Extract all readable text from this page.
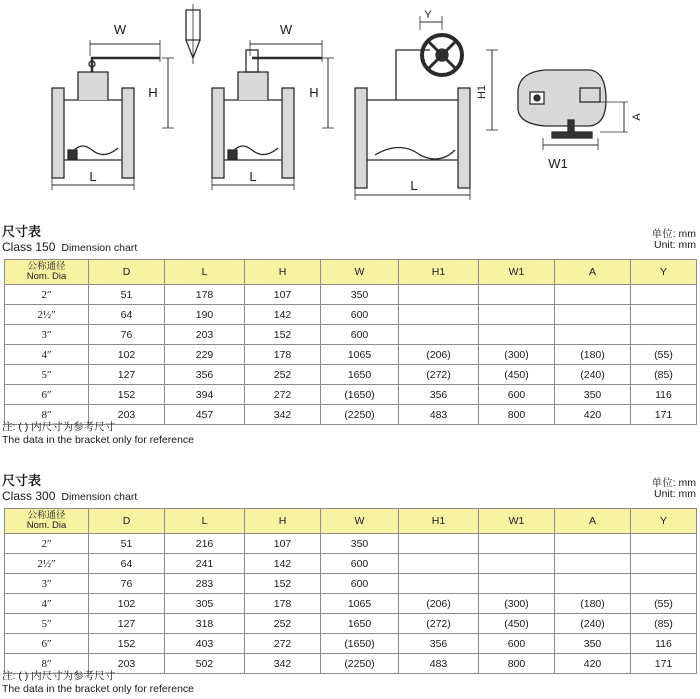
W
H
L
W
H
L
Y
H1
L
A
W1
尺寸表
Class 150 Dimension chart
单位: mm
Unit: mm
公称通径
Nom. Dia	D	L	H	W	H1	W1	A	Y
2″	51	178	107	350				
2½″	64	190	142	600				
3″	76	203	152	600				
4″	102	229	178	1065	(206)	(300)	(180)	(55)
5″	127	356	252	1650	(272)	(450)	(240)	(85)
6″	152	394	272	(1650)	356	600	350	116
8″	203	457	342	(2250)	483	800	420	171
注: ( ) 内尺寸为参考尺寸
The data in the bracket only for reference
尺寸表
Class 300 Dimension chart
单位: mm
Unit: mm
公称通径
Nom. Dia	D	L	H	W	H1	W1	A	Y
2″	51	216	107	350				
2½″	64	241	142	600				
3″	76	283	152	600				
4″	102	305	178	1065	(206)	(300)	(180)	(55)
5″	127	318	252	1650	(272)	(450)	(240)	(85)
6″	152	403	272	(1650)	356	600	350	116
8″	203	502	342	(2250)	483	800	420	171
注: ( ) 内尺寸为参考尺寸
The data in the bracket only for reference
